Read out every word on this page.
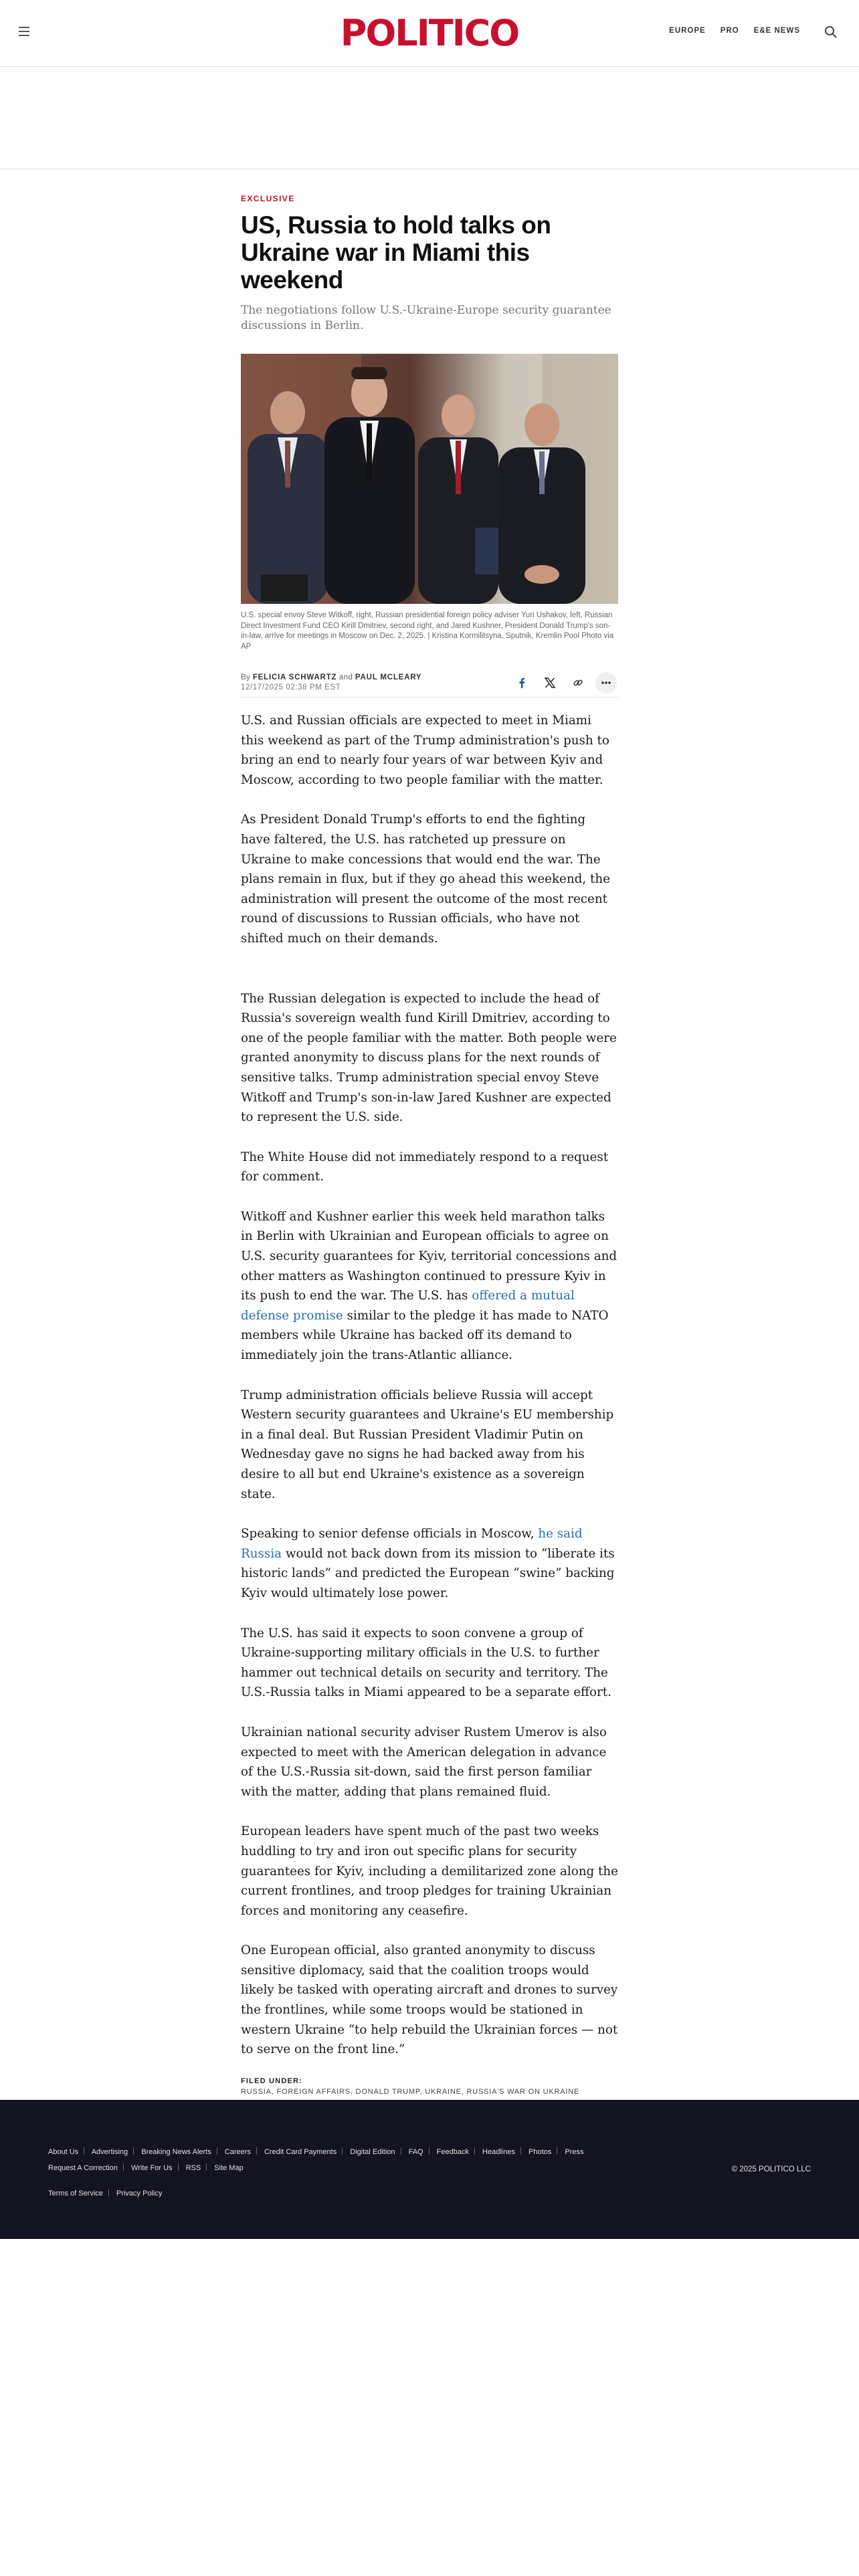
POLITICO	EUROPE PRO E&E NEWS
EXCLUSIVE
US, Russia to hold talks on Ukraine war in Miami this weekend

The negotiations follow U.S.-Ukraine-Europe security guarantee discussions in Berlin.

U.S. special envoy Steve Witkoff, right, Russian presidential foreign policy adviser Yuri Ushakov, left, Russian Direct Investment Fund CEO Kirill Dmitriev, second right, and Jared Kushner, President Donald Trump's son-in-law, arrive for meetings in Moscow on Dec. 2, 2025. | Kristina Kormilitsyna, Sputnik, Kremlin Pool Photo via AP

By FELICIA SCHWARTZ and PAUL MCLEARY
12/17/2025 02:38 PM EST

U.S. and Russian officials are expected to meet in Miami this weekend as part of the Trump administration's push to bring an end to nearly four years of war between Kyiv and Moscow, according to two people familiar with the matter.

As President Donald Trump's efforts to end the fighting have faltered, the U.S. has ratcheted up pressure on Ukraine to make concessions that would end the war. The plans remain in flux, but if they go ahead this weekend, the administration will present the outcome of the most recent round of discussions to Russian officials, who have not shifted much on their demands.

The Russian delegation is expected to include the head of Russia's sovereign wealth fund Kirill Dmitriev, according to one of the people familiar with the matter. Both people were granted anonymity to discuss plans for the next rounds of sensitive talks. Trump administration special envoy Steve Witkoff and Trump's son-in-law Jared Kushner are expected to represent the U.S. side.

The White House did not immediately respond to a request for comment.

Witkoff and Kushner earlier this week held marathon talks in Berlin with Ukrainian and European officials to agree on U.S. security guarantees for Kyiv, territorial concessions and other matters as Washington continued to pressure Kyiv in its push to end the war. The U.S. has offered a mutual defense promise similar to the pledge it has made to NATO members while Ukraine has backed off its demand to immediately join the trans-Atlantic alliance.

Trump administration officials believe Russia will accept Western security guarantees and Ukraine's EU membership in a final deal. But Russian President Vladimir Putin on Wednesday gave no signs he had backed away from his desire to all but end Ukraine's existence as a sovereign state.

Speaking to senior defense officials in Moscow, he said Russia would not back down from its mission to “liberate its historic lands” and predicted the European “swine” backing Kyiv would ultimately lose power.

The U.S. has said it expects to soon convene a group of Ukraine-supporting military officials in the U.S. to further hammer out technical details on security and territory. The U.S.-Russia talks in Miami appeared to be a separate effort.

Ukrainian national security adviser Rustem Umerov is also expected to meet with the American delegation in advance of the U.S.-Russia sit-down, said the first person familiar with the matter, adding that plans remained fluid.

European leaders have spent much of the past two weeks huddling to try and iron out specific plans for security guarantees for Kyiv, including a demilitarized zone along the current frontlines, and troop pledges for training Ukrainian forces and monitoring any ceasefire.

One European official, also granted anonymity to discuss sensitive diplomacy, said that the coalition troops would likely be tasked with operating aircraft and drones to survey the frontlines, while some troops would be stationed in western Ukraine “to help rebuild the Ukrainian forces — not to serve on the front line.”

FILED UNDER:
RUSSIA, FOREIGN AFFAIRS, DONALD TRUMP, UKRAINE, RUSSIA'S WAR ON UKRAINE
About Us Advertising Breaking News Alerts Careers Credit Card Payments Digital Edition FAQ Feedback Headlines Photos Press
Request A Correction Write For Us RSS Site Map
Terms of Service Privacy Policy
© 2025 POLITICO LLC
